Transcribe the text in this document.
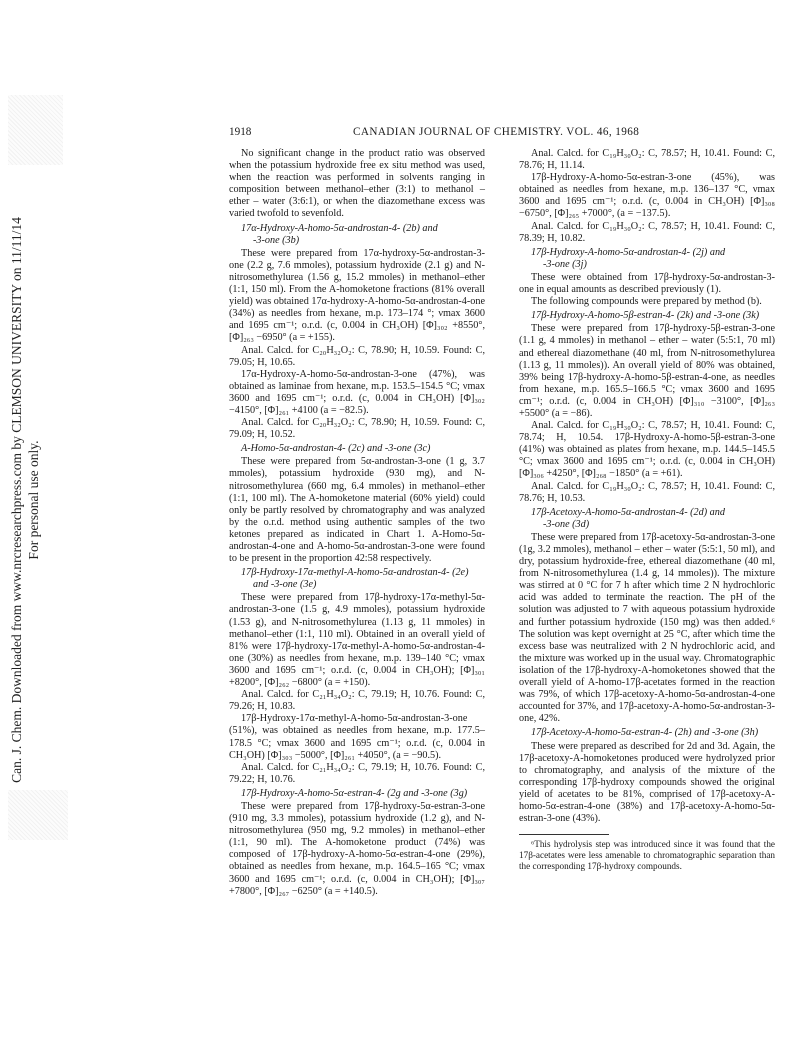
Can. J. Chem. Downloaded from www.nrcresearchpress.com by CLEMSON UNIVERSITY on 11/11/14 For personal use only.
1918	CANADIAN JOURNAL OF CHEMISTRY. VOL. 46, 1968

No significant change in the product ratio was observed when the potassium hydroxide free ex situ method was used, when the reaction was performed in solvents ranging in composition between methanol–ether (3:1) to methanol – ether – water (3:6:1), or when the diazomethane excess was varied twofold to sevenfold.

17α-Hydroxy-A-homo-5α-androstan-4- (2b) and
-3-one (3b)

These were prepared from 17α-hydroxy-5α-androstan-3-one (2.2 g, 7.6 mmoles), potassium hydroxide (2.1 g) and N-nitrosomethylurea (1.56 g, 15.2 mmoles) in methanol–ether (1:1, 150 ml). From the A-homoketone fractions (81% overall yield) was obtained 17α-hydroxy-A-homo-5α-androstan-4-one (34%) as needles from hexane, m.p. 173–174 °; νmax 3600 and 1695 cm⁻¹; o.r.d. (c, 0.004 in CH₃OH) [Φ]₃₀₂ +8550°, [Φ]₂₆₃ −6950° (a = +155).

Anal. Calcd. for C₂₀H₃₂O₂: C, 78.90; H, 10.59. Found: C, 79.05; H, 10.65.

17α-Hydroxy-A-homo-5α-androstan-3-one (47%), was obtained as laminae from hexane, m.p. 153.5–154.5 °C; νmax 3600 and 1695 cm⁻¹; o.r.d. (c, 0.004 in CH₃OH) [Φ]₃₀₂ −4150°, [Φ]₂₆₁ +4100 (a = −82.5).

Anal. Calcd. for C₂₀H₃₂O₂: C, 78.90; H, 10.59. Found: C, 79.09; H, 10.52.

A-Homo-5α-androstan-4- (2c) and -3-one (3c)

These were prepared from 5α-androstan-3-one (1 g, 3.7 mmoles), potassium hydroxide (930 mg), and N-nitrosomethylurea (660 mg, 6.4 mmoles) in methanol–ether (1:1, 100 ml). The A-homoketone material (60% yield) could only be partly resolved by chromatography and was analyzed by the o.r.d. method using authentic samples of the two ketones prepared as indicated in Chart 1. A-Homo-5α-androstan-4-one and A-homo-5α-androstan-3-one were found to be present in the proportion 42:58 respectively.

17β-Hydroxy-17α-methyl-A-homo-5α-androstan-4- (2e)
and -3-one (3e)

These were prepared from 17β-hydroxy-17α-methyl-5α-androstan-3-one (1.5 g, 4.9 mmoles), potassium hydroxide (1.53 g), and N-nitrosomethylurea (1.13 g, 11 mmoles) in methanol–ether (1:1, 110 ml). Obtained in an overall yield of 81% were 17β-hydroxy-17α-methyl-A-homo-5α-androstan-4-one (30%) as needles from hexane, m.p. 139–140 °C; νmax 3600 and 1695 cm⁻¹; o.r.d. (c, 0.004 in CH₃OH); [Φ]₃₀₁ +8200°, [Φ]₂₆₂ −6800° (a = +150).

Anal. Calcd. for C₂₁H₃₄O₂: C, 79.19; H, 10.76. Found: C, 79.26; H, 10.83.

17β-Hydroxy-17α-methyl-A-homo-5α-androstan-3-one (51%), was obtained as needles from hexane, m.p. 177.5–178.5 °C; νmax 3600 and 1695 cm⁻¹; o.r.d. (c, 0.004 in CH₃OH) [Φ]₃₀₃ −5000°, [Φ]₂₆₁ +4050°, (a = −90.5).

Anal. Calcd. for C₂₁H₃₄O₂: C, 79.19; H, 10.76. Found: C, 79.22; H, 10.76.

17β-Hydroxy-A-homo-5α-estran-4- (2g and -3-one (3g)

These were prepared from 17β-hydroxy-5α-estran-3-one (910 mg, 3.3 mmoles), potassium hydroxide (1.2 g), and N-nitrosomethylurea (950 mg, 9.2 mmoles) in methanol–ether (1:1, 90 ml). The A-homoketone product (74%) was composed of 17β-hydroxy-A-homo-5α-estran-4-one (29%), obtained as needles from hexane, m.p. 164.5–165 °C; νmax 3600 and 1695 cm⁻¹; o.r.d. (c, 0.004 in CH₃OH); [Φ]₃₀₇ +7800°, [Φ]₂₆₇ −6250° (a = +140.5).

Anal. Calcd. for C₁₉H₃₀O₂: C, 78.57; H, 10.41. Found: C, 78.76; H, 11.14.

17β-Hydroxy-A-homo-5α-estran-3-one (45%), was obtained as needles from hexane, m.p. 136–137 °C, νmax 3600 and 1695 cm⁻¹; o.r.d. (c, 0.004 in CH₃OH) [Φ]₃₀₈ −6750°, [Φ]₂₆₅ +7000°, (a = −137.5).

Anal. Calcd. for C₁₉H₃₀O₂: C, 78.57; H, 10.41. Found: C, 78.39; H, 10.82.

17β-Hydroxy-A-homo-5α-androstan-4- (2j) and
-3-one (3j)

These were obtained from 17β-hydroxy-5α-androstan-3-one in equal amounts as described previously (1).

The following compounds were prepared by method (b).

17β-Hydroxy-A-homo-5β-estran-4- (2k) and -3-one (3k)

These were prepared from 17β-hydroxy-5β-estran-3-one (1.1 g, 4 mmoles) in methanol – ether – water (5:5:1, 70 ml) and ethereal diazomethane (40 ml, from N-nitrosomethylurea (1.13 g, 11 mmoles)). An overall yield of 80% was obtained, 39% being 17β-hydroxy-A-homo-5β-estran-4-one, as needles from hexane, m.p. 165.5–166.5 °C; νmax 3600 and 1695 cm⁻¹; o.r.d. (c, 0.004 in CH₃OH) [Φ]₃₁₀ −3100°, [Φ]₂₆₃ +5500° (a = −86).

Anal. Calcd. for C₁₉H₃₀O₂: C, 78.57; H, 10.41. Found: C, 78.74; H, 10.54. 17β-Hydroxy-A-homo-5β-estran-3-one (41%) was obtained as plates from hexane, m.p. 144.5–145.5 °C; νmax 3600 and 1695 cm⁻¹; o.r.d. (c, 0.004 in CH₃OH) [Φ]₃₀₆ +4250°, [Φ]₂₆₈ −1850° (a = +61).

Anal. Calcd. for C₁₉H₃₀O₂: C, 78.57; H, 10.41. Found: C, 78.76; H, 10.53.

17β-Acetoxy-A-homo-5α-androstan-4- (2d) and
-3-one (3d)

These were prepared from 17β-acetoxy-5α-androstan-3-one (1g, 3.2 mmoles), methanol – ether – water (5:5:1, 50 ml), and dry, potassium hydroxide-free, ethereal diazomethane (40 ml, from N-nitrosomethylurea (1.4 g, 14 mmoles)). The mixture was stirred at 0 °C for 7 h after which time 2 N hydrochloric acid was added to terminate the reaction. The pH of the solution was adjusted to 7 with aqueous potassium hydroxide and further potassium hydroxide (150 mg) was then added.⁶ The solution was kept overnight at 25 °C, after which time the excess base was neutralized with 2 N hydrochloric acid, and the mixture was worked up in the usual way. Chromatographic isolation of the 17β-hydroxy-A-homoketones showed that the overall yield of A-homo-17β-acetates formed in the reaction was 79%, of which 17β-acetoxy-A-homo-5α-androstan-4-one accounted for 37%, and 17β-acetoxy-A-homo-5α-androstan-3-one, 42%.

17β-Acetoxy-A-homo-5α-estran-4- (2h) and -3-one (3h)

These were prepared as described for 2d and 3d. Again, the 17β-acetoxy-A-homoketones produced were hydrolyzed prior to chromatography, and analysis of the mixture of the corresponding 17β-hydroxy compounds showed the original yield of acetates to be 81%, comprised of 17β-acetoxy-A-homo-5α-estran-4-one (38%) and 17β-acetoxy-A-homo-5α-estran-3-one (43%).

⁶This hydrolysis step was introduced since it was found that the 17β-acetates were less amenable to chromatographic separation than the corresponding 17β-hydroxy compounds.
